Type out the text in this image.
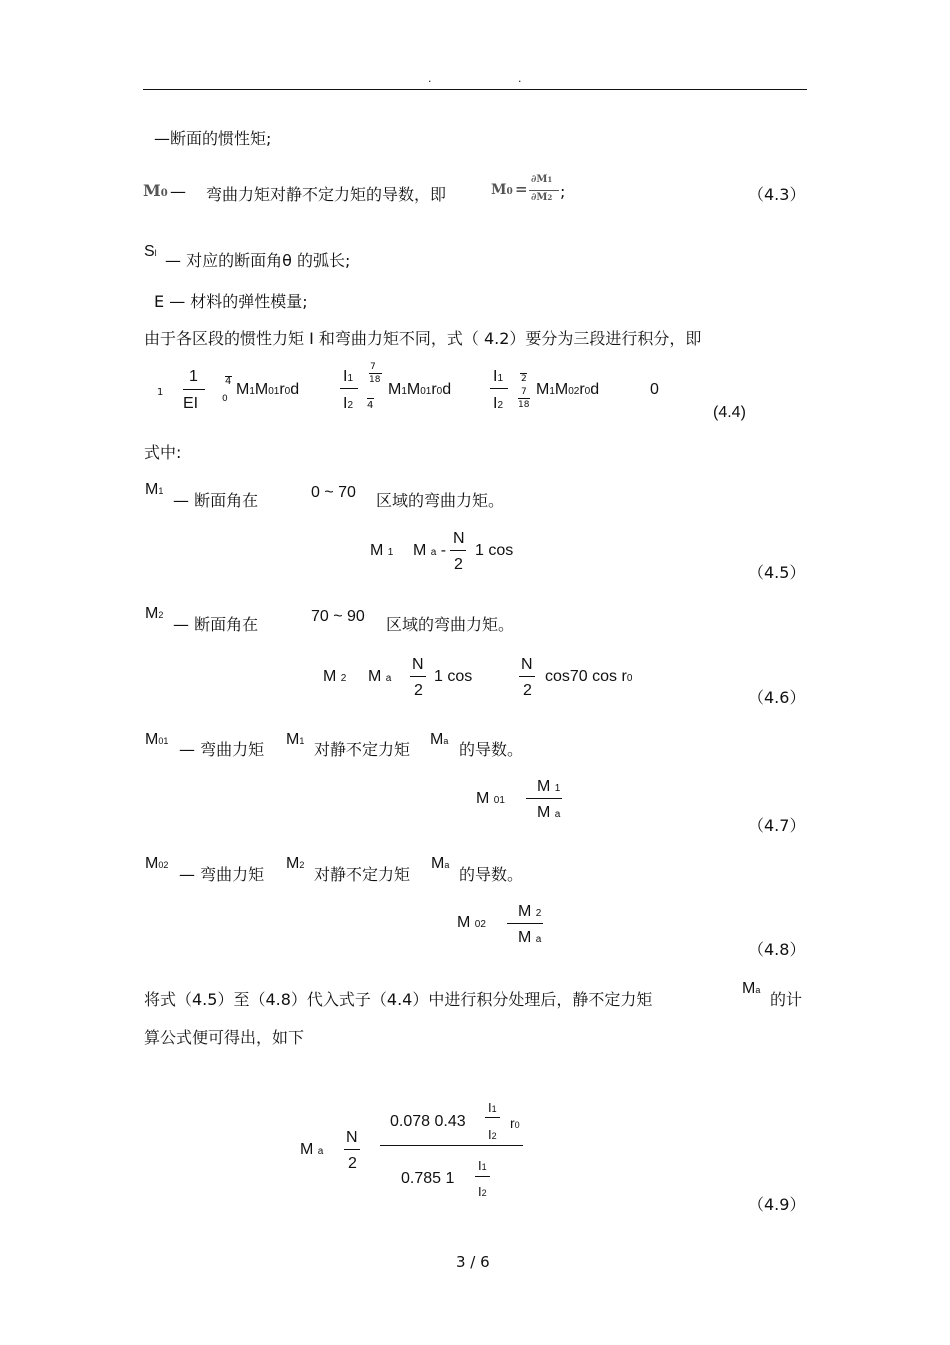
.	.
—断面的惯性矩;
M0 — 弯曲力矩对静不定力矩的导数，即	M0 =
∂M1
∂M2 ;	（4.3）
Sl — 对应的断面角θ 的弧长;
E — 材料的弹性模量;
由于各区段的惯性力矩 I 和弯曲力矩不同，式（ 4.2）要分为三段进行积分，即
1
1
EI
4
0
M1M01r0d
I1
I2
7
18
4
M1M01r0d
I1
I2
2
7
18
M1M02r0d	0
(4.4)
式中:
M1 — 断面角在	0 ~ 70 区域的弯曲力矩。
M 1 M a -
N
2
1 cos
（4.5）
M2 — 断面角在	70 ~ 90 区域的弯曲力矩。
M 2 M a
N
2
1 cos
N
2
cos70 cos r0
（4.6）
M01 — 弯曲力矩
M1 对静不定力矩
Ma 的导数。
M 01
M 1
M a
（4.7）
M02 — 弯曲力矩
M2 对静不定力矩
Ma 的导数。
M 02
M 2
M a
（4.8）
将式（4.5）至（4.8）代入式子（4.4）中进行积分处理后，静不定力矩
Ma 的计
算公式便可得出，如下
M a
N
2
0.078 0.43
I1
I2
r0
0.785 1
I1
I2
（4.9）
3 / 6
